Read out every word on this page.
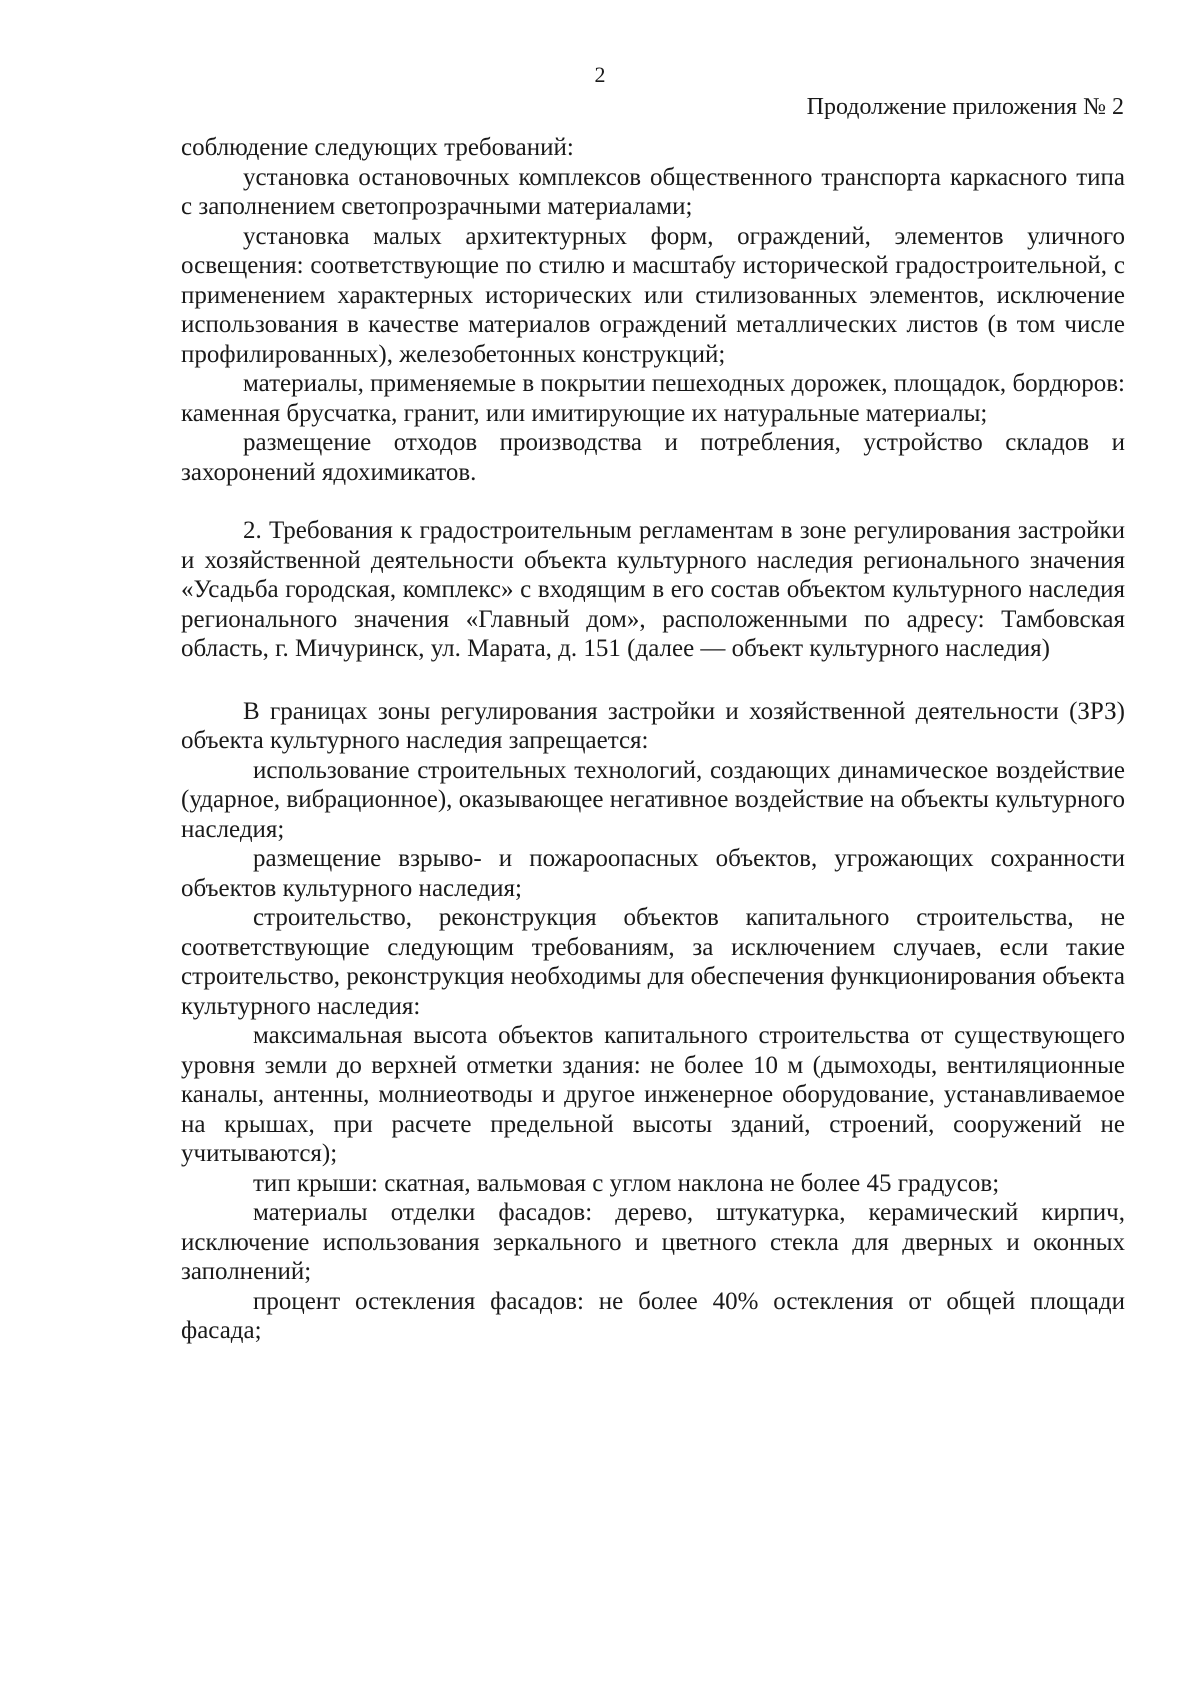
2
Продолжение приложения № 2

соблюдение следующих требований:

установка остановочных комплексов общественного транспорта каркасного типа с заполнением светопрозрачными материалами;

установка малых архитектурных форм, ограждений, элементов уличного освещения: соответствующие по стилю и масштабу исторической градостроительной, с применением характерных исторических или стилизованных элементов, исключение использования в качестве материалов ограждений металлических листов (в том числе профилированных), железобетонных конструкций;

материалы, применяемые в покрытии пешеходных дорожек, площадок, бордюров: каменная брусчатка, гранит, или имитирующие их натуральные материалы;

размещение отходов производства и потребления, устройство складов и захоронений ядохимикатов.

2. Требования к градостроительным регламентам в зоне регулирования застройки и хозяйственной деятельности объекта культурного наследия регионального значения «Усадьба городская, комплекс» с входящим в его состав объектом культурного наследия регионального значения «Главный дом», расположенными по адресу: Тамбовская область, г. Мичуринск, ул. Марата, д. 151 (далее — объект культурного наследия)

В границах зоны регулирования застройки и хозяйственной деятельности (ЗРЗ) объекта культурного наследия запрещается:

использование строительных технологий, создающих динамическое воздействие (ударное, вибрационное), оказывающее негативное воздействие на объекты культурного наследия;

размещение взрыво- и пожароопасных объектов, угрожающих сохранности объектов культурного наследия;

строительство, реконструкция объектов капитального строительства, не соответствующие следующим требованиям, за исключением случаев, если такие строительство, реконструкция необходимы для обеспечения функционирования объекта культурного наследия:

максимальная высота объектов капитального строительства от существующего уровня земли до верхней отметки здания: не более 10 м (дымоходы, вентиляционные каналы, антенны, молниеотводы и другое инженерное оборудование, устанавливаемое на крышах, при расчете предельной высоты зданий, строений, сооружений не учитываются);

тип крыши: скатная, вальмовая с углом наклона не более 45 градусов;

материалы отделки фасадов: дерево, штукатурка, керамический кирпич, исключение использования зеркального и цветного стекла для дверных и оконных заполнений;

процент остекления фасадов: не более 40% остекления от общей площади фасада;
